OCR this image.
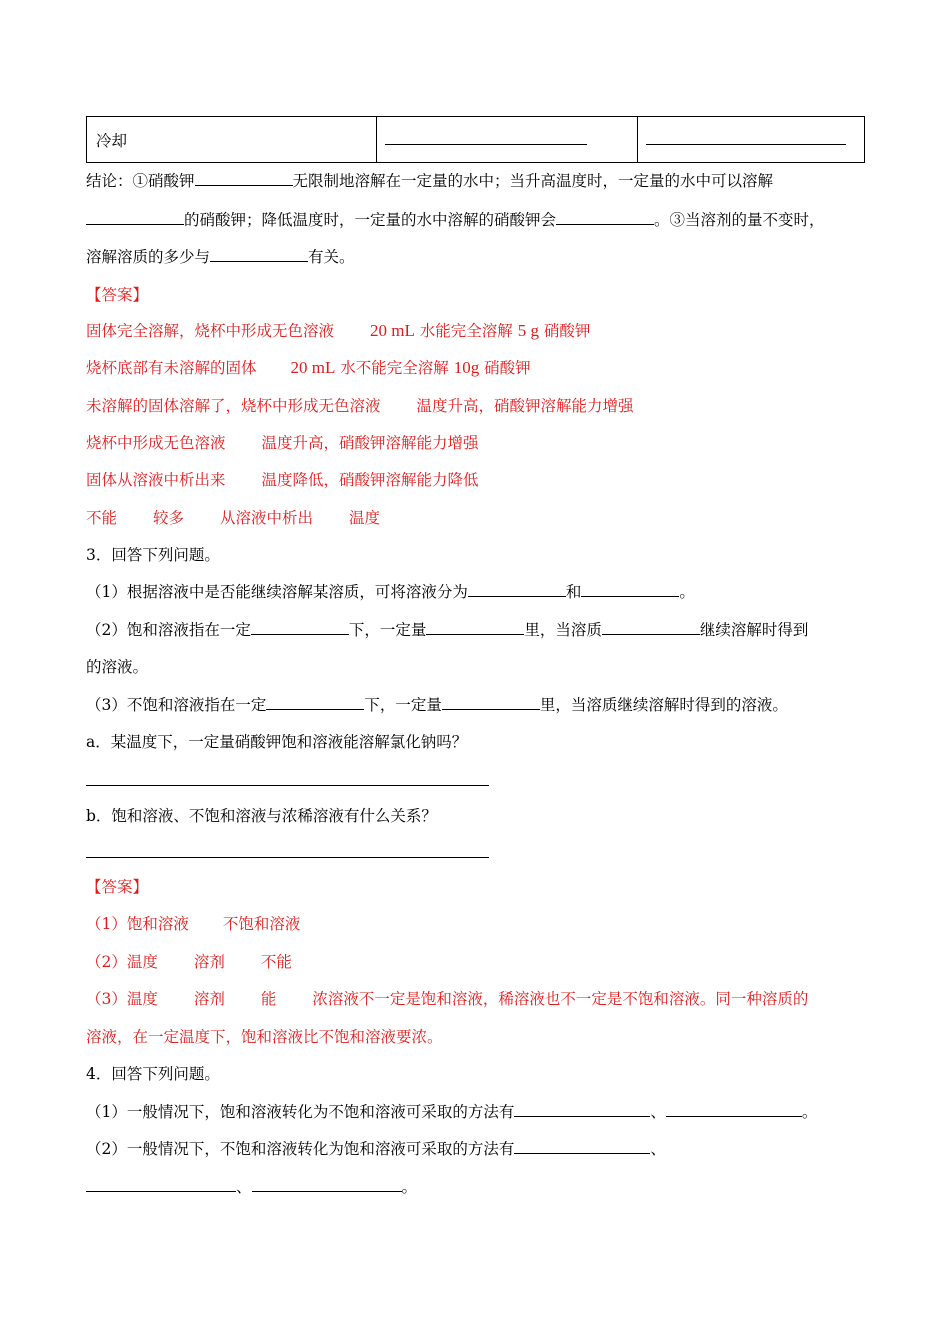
冷却		
结论：①硝酸钾	无限制地溶解在一定量的水中；当升高温度时，一定量的水中可以溶解
的硝酸钾；降低温度时，一定量的水中溶解的硝酸钾会	。③当溶剂的量不变时，
溶解溶质的多少与	有关。
【答案】
固体完全溶解，烧杯中形成无色溶液 20 mL 水能完全溶解 5 g 硝酸钾
烧杯底部有未溶解的固体 20 mL 水不能完全溶解 10g 硝酸钾
未溶解的固体溶解了，烧杯中形成无色溶液 温度升高，硝酸钾溶解能力增强
烧杯中形成无色溶液 温度升高，硝酸钾溶解能力增强
固体从溶液中析出来 温度降低，硝酸钾溶解能力降低
不能 较多 从溶液中析出 温度
3．回答下列问题。
（1）根据溶液中是否能继续溶解某溶质，可将溶液分为	和	。
（2）饱和溶液指在一定	下，一定量	里，当溶质	继续溶解时得到
的溶液。
（3）不饱和溶液指在一定	下，一定量	里，当溶质继续溶解时得到的溶液。
a．某温度下，一定量硝酸钾饱和溶液能溶解氯化钠吗？
b．饱和溶液、不饱和溶液与浓稀溶液有什么关系？
【答案】
（1）饱和溶液 不饱和溶液
（2）温度 溶剂 不能
（3）温度 溶剂 能 浓溶液不一定是饱和溶液，稀溶液也不一定是不饱和溶液。同一种溶质的
溶液，在一定温度下，饱和溶液比不饱和溶液要浓。
4．回答下列问题。
（1）一般情况下，饱和溶液转化为不饱和溶液可采取的方法有	、	。
（2）一般情况下，不饱和溶液转化为饱和溶液可采取的方法有	、
、	。
